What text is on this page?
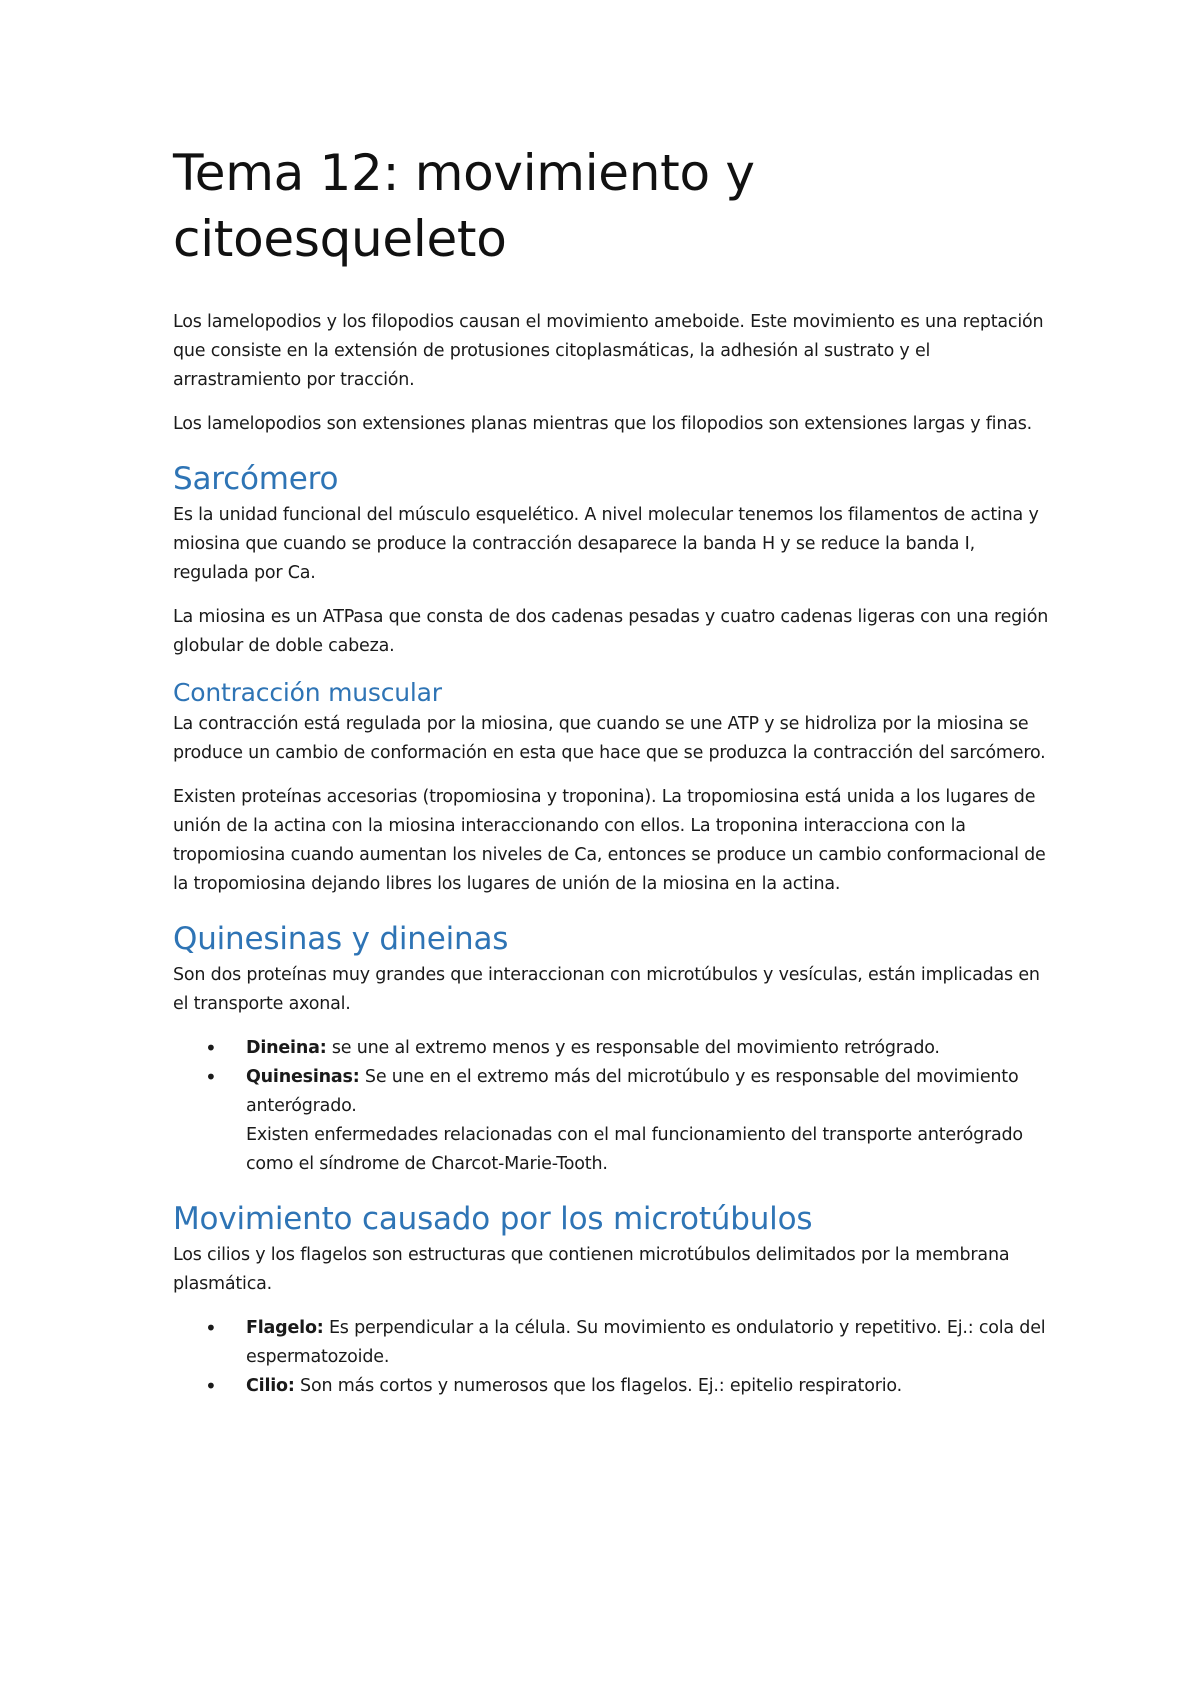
Tema 12: movimiento y citoesqueleto

Los lamelopodios y los filopodios causan el movimiento ameboide. Este movimiento es una reptación que consiste en la extensión de protusiones citoplasmáticas, la adhesión al sustrato y el arrastramiento por tracción.

Los lamelopodios son extensiones planas mientras que los filopodios son extensiones largas y finas.

Sarcómero

Es la unidad funcional del músculo esquelético. A nivel molecular tenemos los filamentos de actina y miosina que cuando se produce la contracción desaparece la banda H y se reduce la banda I, regulada por Ca.

La miosina es un ATPasa que consta de dos cadenas pesadas y cuatro cadenas ligeras con una región globular de doble cabeza.

Contracción muscular

La contracción está regulada por la miosina, que cuando se une ATP y se hidroliza por la miosina se produce un cambio de conformación en esta que hace que se produzca la contracción del sarcómero.

Existen proteínas accesorias (tropomiosina y troponina). La tropomiosina está unida a los lugares de unión de la actina con la miosina interaccionando con ellos. La troponina interacciona con la tropomiosina cuando aumentan los niveles de Ca, entonces se produce un cambio conformacional de la tropomiosina dejando libres los lugares de unión de la miosina en la actina.

Quinesinas y dineinas

Son dos proteínas muy grandes que interaccionan con microtúbulos y vesículas, están implicadas en el transporte axonal.

• Dineina: se une al extremo menos y es responsable del movimiento retrógrado.
• Quinesinas: Se une en el extremo más del microtúbulo y es responsable del movimiento anterógrado.
Existen enfermedades relacionadas con el mal funcionamiento del transporte anterógrado como el síndrome de Charcot-Marie-Tooth.
Movimiento causado por los microtúbulos

Los cilios y los flagelos son estructuras que contienen microtúbulos delimitados por la membrana plasmática.

• Flagelo: Es perpendicular a la célula. Su movimiento es ondulatorio y repetitivo. Ej.: cola del espermatozoide.
• Cilio: Son más cortos y numerosos que los flagelos. Ej.: epitelio respiratorio.
